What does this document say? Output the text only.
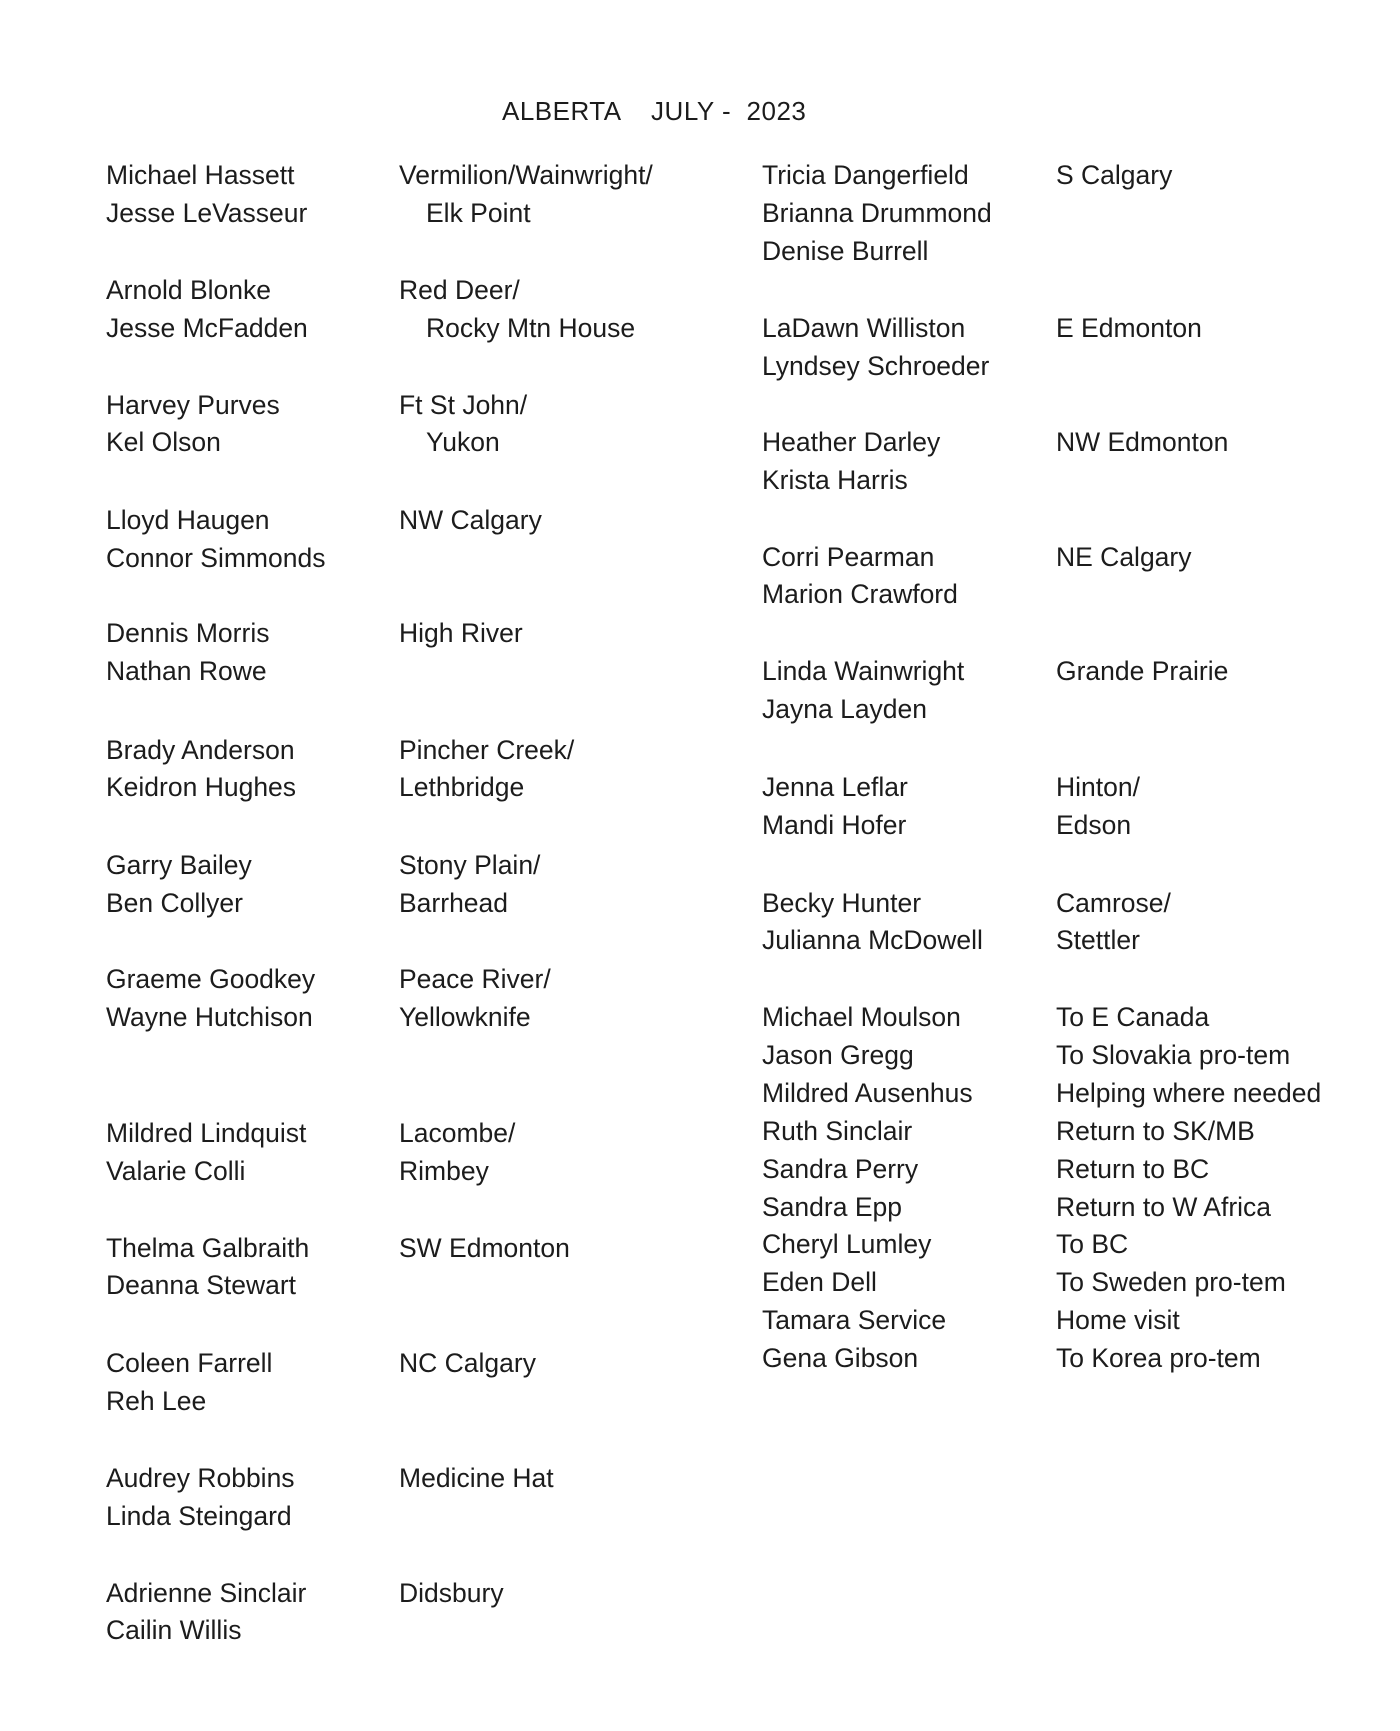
ALBERTA    JULY -  2023
Michael Hassett
Jesse LeVasseur
Arnold Blonke
Jesse McFadden
Harvey Purves
Kel Olson
Lloyd Haugen
Connor Simmonds
Dennis Morris
Nathan Rowe
Brady Anderson
Keidron Hughes
Garry Bailey
Ben Collyer
Graeme Goodkey
Wayne Hutchison
Mildred Lindquist
Valarie Colli
Thelma Galbraith
Deanna Stewart
Coleen Farrell
Reh Lee
Audrey Robbins
Linda Steingard
Adrienne Sinclair
Cailin Willis
Vermilion/Wainwright/
Elk Point
Red Deer/
Rocky Mtn House
Ft St John/
Yukon
NW Calgary
High River
Pincher Creek/
Lethbridge
Stony Plain/
Barrhead
Peace River/
Yellowknife
Lacombe/
Rimbey
SW Edmonton
NC Calgary
Medicine Hat
Didsbury
Tricia Dangerfield
Brianna Drummond
Denise Burrell
LaDawn Williston
Lyndsey Schroeder
Heather Darley
Krista Harris
Corri Pearman
Marion Crawford
Linda Wainwright
Jayna Layden
Jenna Leflar
Mandi Hofer
Becky Hunter
Julianna McDowell
Michael Moulson
Jason Gregg
Mildred Ausenhus
Ruth Sinclair
Sandra Perry
Sandra Epp
Cheryl Lumley
Eden Dell
Tamara Service
Gena Gibson
S Calgary
E Edmonton
NW Edmonton
NE Calgary
Grande Prairie
Hinton/
Edson
Camrose/
Stettler
To E Canada
To Slovakia pro-tem
Helping where needed
Return to SK/MB
Return to BC
Return to W Africa
To BC
To Sweden pro-tem
Home visit
To Korea pro-tem
